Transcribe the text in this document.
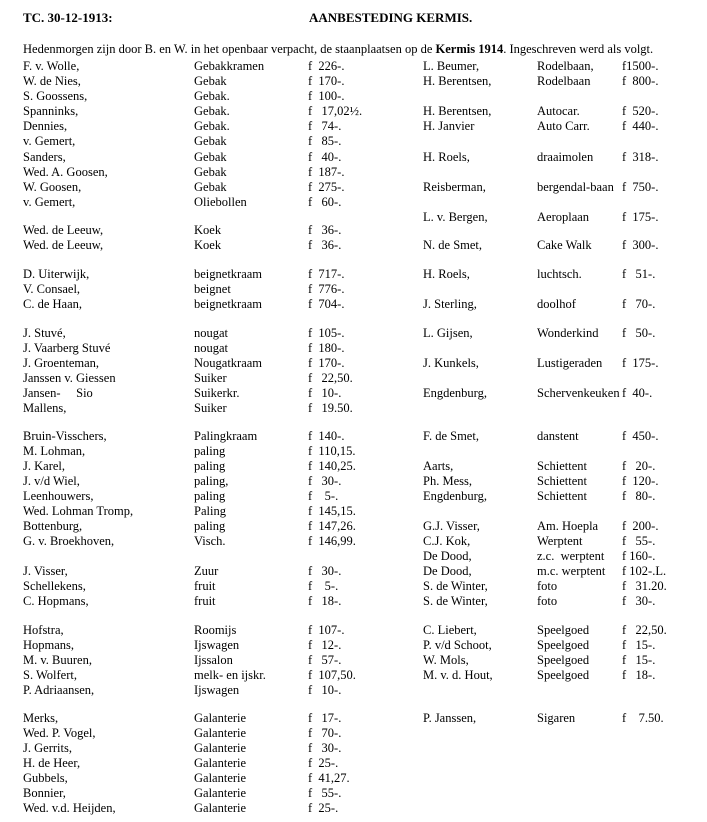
TC. 30-12-1913:	AANBESTEDING KERMIS.
Hedenmorgen zijn door B. en W. in het openbaar verpacht, de staanplaatsen op de Kermis 1914. Ingeschreven werd als volgt.
F. v. Wolle,	Gebakkramen	f  226-.
W. de Nies,	Gebak	f  170-.
S. Goossens,	Gebak.	f  100-.
Spanninks,	Gebak.	f   17,02½.
Dennies,	Gebak.	f   74-.
v. Gemert,	Gebak	f   85-.
Sanders,	Gebak	f   40-.
Wed. A. Goosen,	Gebak	f  187-.
W. Goosen,	Gebak	f  275-.
v. Gemert,	Oliebollen	f   60-.
Wed. de Leeuw,	Koek	f   36-.
Wed. de Leeuw,	Koek	f   36-.
D. Uiterwijk,	beignetkraam	f  717-.
V. Consael,	beignet	f  776-.
C. de Haan,	beignetkraam	f  704-.
J. Stuvé,	nougat	f  105-.
J. Vaarberg Stuvé	nougat	f  180-.
J. Groenteman,	Nougatkraam	f  170-.
Janssen v. Giessen	Suiker	f   22,50.
Jansen-     Sio	Suikerkr.	f   10-.
Mallens,	Suiker	f   19.50.
Bruin-Visschers,	Palingkraam	f  140-.
M. Lohman,	paling	f  110,15.
J. Karel,	paling	f  140,25.
J. v/d Wiel,	paling,	f   30-.
Leenhouwers,	paling	f    5-.
Wed. Lohman Tromp,	Paling	f  145,15.
Bottenburg,	paling	f  147,26.
G. v. Broekhoven,	Visch.	f  146,99.
J. Visser,	Zuur	f   30-.
Schellekens,	fruit	f    5-.
C. Hopmans,	fruit	f   18-.
Hofstra,	Roomijs	f  107-.
Hopmans,	Ijswagen	f   12-.
M. v. Buuren,	Ijssalon	f   57-.
S. Wolfert,	melk- en ijskr.	f  107,50.
P. Adriaansen,	Ijswagen	f   10-.
Merks,	Galanterie	f   17-.
Wed. P. Vogel,	Galanterie	f   70-.
J. Gerrits,	Galanterie	f   30-.
H. de Heer,	Galanterie	f  25-.
Gubbels,	Galanterie	f  41,27.
Bonnier,	Galanterie	f   55-.
Wed. v.d. Heijden,	Galanterie	f  25-.
L. Beumer,	Rodelbaan, f1500-.
H. Berentsen,	Rodelbaan	f  800-.
H. Berentsen,	Autocar.	f  520-.
H. Janvier	Auto Carr.	f  440-.
H. Roels,	draaimolen f  318-.
Reisberman,	bergendal-baan f  750-.
L. v. Bergen,	Aeroplaan	f  175-.
N. de Smet,	Cake Walk f  300-.
H. Roels,	luchtsch.	f   51-.
J. Sterling,	doolhof	f   70-.
L. Gijsen,	Wonderkind f   50-.
J. Kunkels,	Lustigeraden f  175-.
Engdenburg,	Schervenkeuken f  40-.
F. de Smet,	danstent	f  450-.
Aarts,	Schiettent	f   20-.
Ph. Mess,	Schiettent	f  120-.
Engdenburg,	Schiettent	f   80-.
G.J. Visser,	Am. Hoepla f  200-.
C.J. Kok,	Werptent	f   55-.
De Dood,	z.c.  werptent f 160-.
De Dood,	m.c. werptent f 102-.L.
S. de Winter,	foto	f   31.20.
S. de Winter,	foto	f   30-.
C. Liebert,	Speelgoed	f   22,50.
P. v/d Schoot,	Speelgoed	f   15-.
W. Mols,	Speelgoed	f   15-.
M. v. d. Hout,	Speelgoed	f   18-.
P. Janssen,	Sigaren	f    7.50.
